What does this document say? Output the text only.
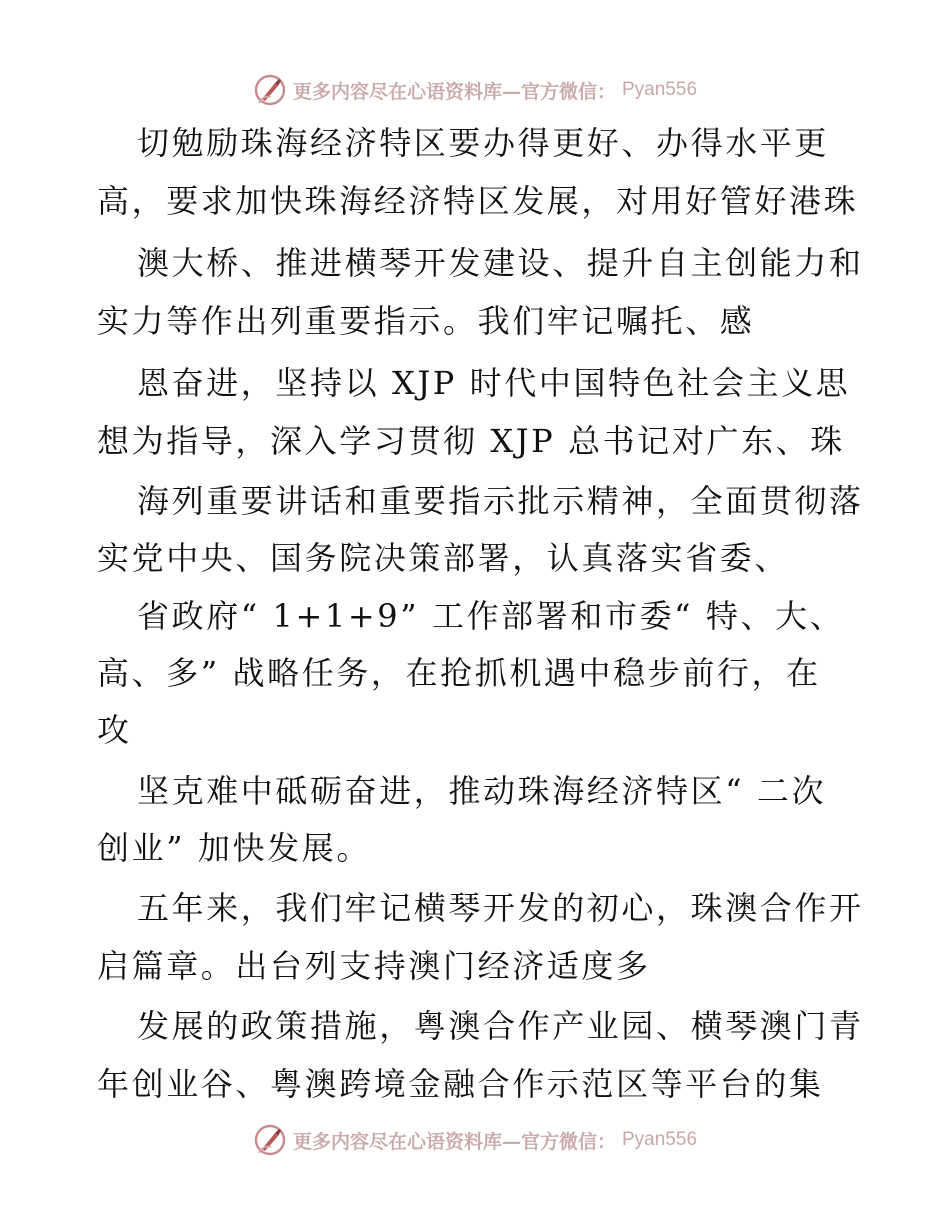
更多内容尽在心语资料库—官方微信： Pyan556
切勉励珠海经济特区要办得更好、办得水平更
高，要求加快珠海经济特区发展，对用好管好港珠
澳大桥、推进横琴开发建设、提升自主创能力和
实力等作出列重要指示。我们牢记嘱托、感
恩奋进，坚持以 XJP 时代中国特色社会主义思
想为指导，深入学习贯彻 XJP 总书记对广东、珠
海列重要讲话和重要指示批示精神，全面贯彻落
实党中央、国务院决策部署，认真落实省委、
省政府“ 1+1+9” 工作部署和市委“ 特、大、
高、多” 战略任务，在抢抓机遇中稳步前行，在
攻
坚克难中砥砺奋进，推动珠海经济特区“ 二次
创业” 加快发展。
五年来，我们牢记横琴开发的初心，珠澳合作开
启篇章。出台列支持澳门经济适度多
发展的政策措施，粤澳合作产业园、横琴澳门青
年创业谷、粤澳跨境金融合作示范区等平台的集
更多内容尽在心语资料库—官方微信： Pyan556
